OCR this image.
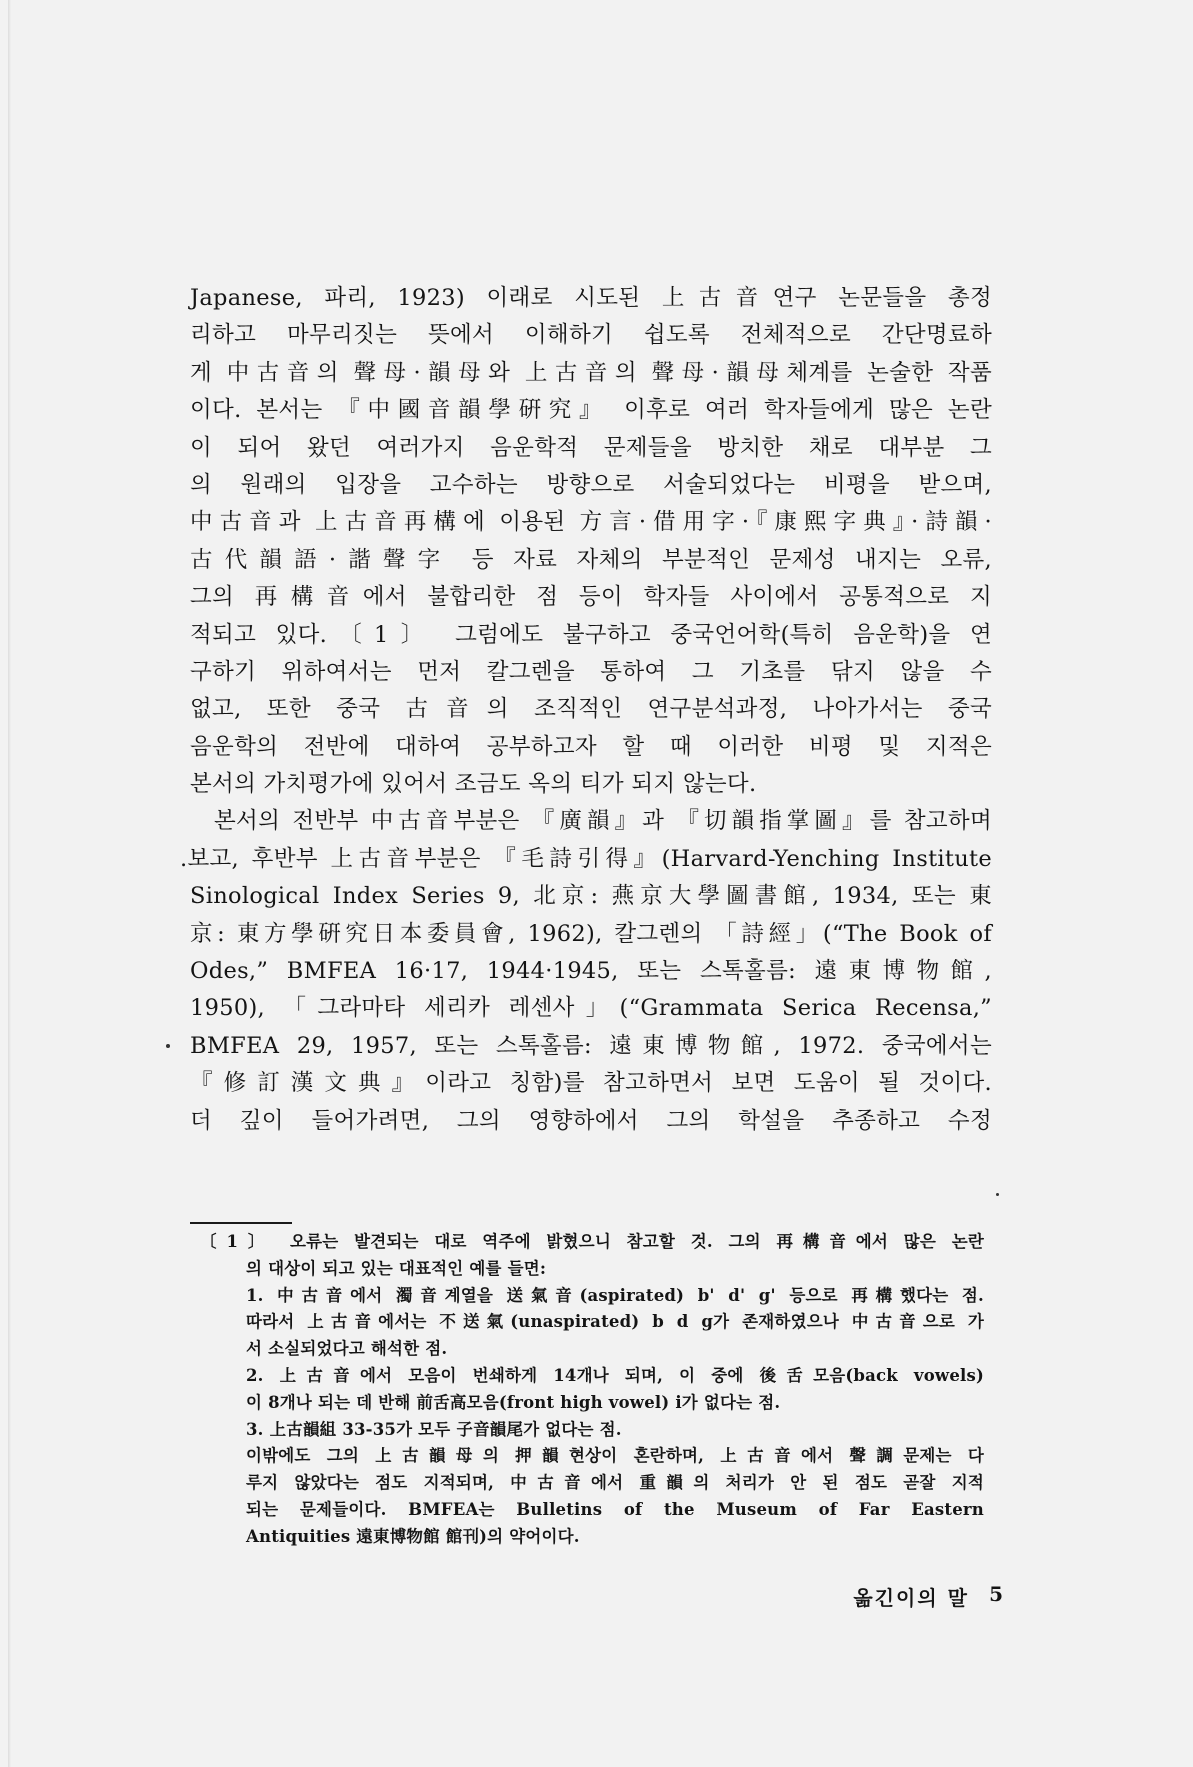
Japanese, 파리, 1923) 이래로 시도된 上古音연구 논문들을 총정
리하고 마무리짓는 뜻에서 이해하기 쉽도록 전체적으로 간단명료하
게 中古音의 聲母·韻母와 上古音의 聲母·韻母체계를 논술한 작품
이다. 본서는 『中國音韻學硏究』 이후로 여러 학자들에게 많은 논란
이 되어 왔던 여러가지 음운학적 문제들을 방치한 채로 대부분 그
의 원래의 입장을 고수하는 방향으로 서술되었다는 비평을 받으며,
中古音과 上古音再構에 이용된 方言·借用字·『康熙字典』·詩韻·
古代韻語·諧聲字 등 자료 자체의 부분적인 문제성 내지는 오류,
그의 再構音에서 불합리한 점 등이 학자들 사이에서 공통적으로 지
적되고 있다.〔1〕 그럼에도 불구하고 중국언어학(특히 음운학)을 연
구하기 위하여서는 먼저 칼그렌을 통하여 그 기초를 닦지 않을 수
없고, 또한 중국 古音의 조직적인 연구분석과정, 나아가서는 중국
음운학의 전반에 대하여 공부하고자 할 때 이러한 비평 및 지적은
본서의 가치평가에 있어서 조금도 옥의 티가 되지 않는다.
본서의 전반부 中古音부분은 『廣韻』과 『切韻指掌圖』를 참고하며
.보고, 후반부 上古音부분은 『毛詩引得』(Harvard-Yenching Institute
Sinological Index Series 9, 北京: 燕京大學圖書館, 1934, 또는 東
京: 東方學硏究日本委員會, 1962), 칼그렌의 「詩經」(“The Book of
Odes,” BMFEA 16·17, 1944·1945, 또는 스톡홀름: 遠東博物館,
1950), 「그라마타 세리카 레센사」(“Grammata Serica Recensa,”
BMFEA 29, 1957, 또는 스톡홀름: 遠東博物館, 1972. 중국에서는
『修訂漢文典』이라고 칭함)를 참고하면서 보면 도움이 될 것이다.
더 깊이 들어가려면, 그의 영향하에서 그의 학설을 추종하고 수정
〔1〕 오류는 발견되는 대로 역주에 밝혔으니 참고할 것. 그의 再構音에서 많은 논란
의 대상이 되고 있는 대표적인 예를 들면:
1. 中古音에서 濁音계열을 送氣音(aspirated) b' d' g' 등으로 再構했다는 점.
따라서 上古音에서는 不送氣(unaspirated) b d g가 존재하였으나 中古音으로 가
서 소실되었다고 해석한 점.
2. 上古音에서 모음이 번쇄하게 14개나 되며, 이 중에 後舌모음(back vowels)
이 8개나 되는 데 반해 前舌高모음(front high vowel) i가 없다는 점.
3. 上古韻組 33-35가 모두 子音韻尾가 없다는 점.
이밖에도 그의 上古韻母의 押韻현상이 혼란하며, 上古音에서 聲調문제는 다
루지 않았다는 점도 지적되며, 中古音에서 重韻의 처리가 안 된 점도 곧잘 지적
되는 문제들이다. BMFEA는 Bulletins of the Museum of Far Eastern
Antiquities 遠東博物館 館刊)의 약어이다.
옮긴이의 말 5
